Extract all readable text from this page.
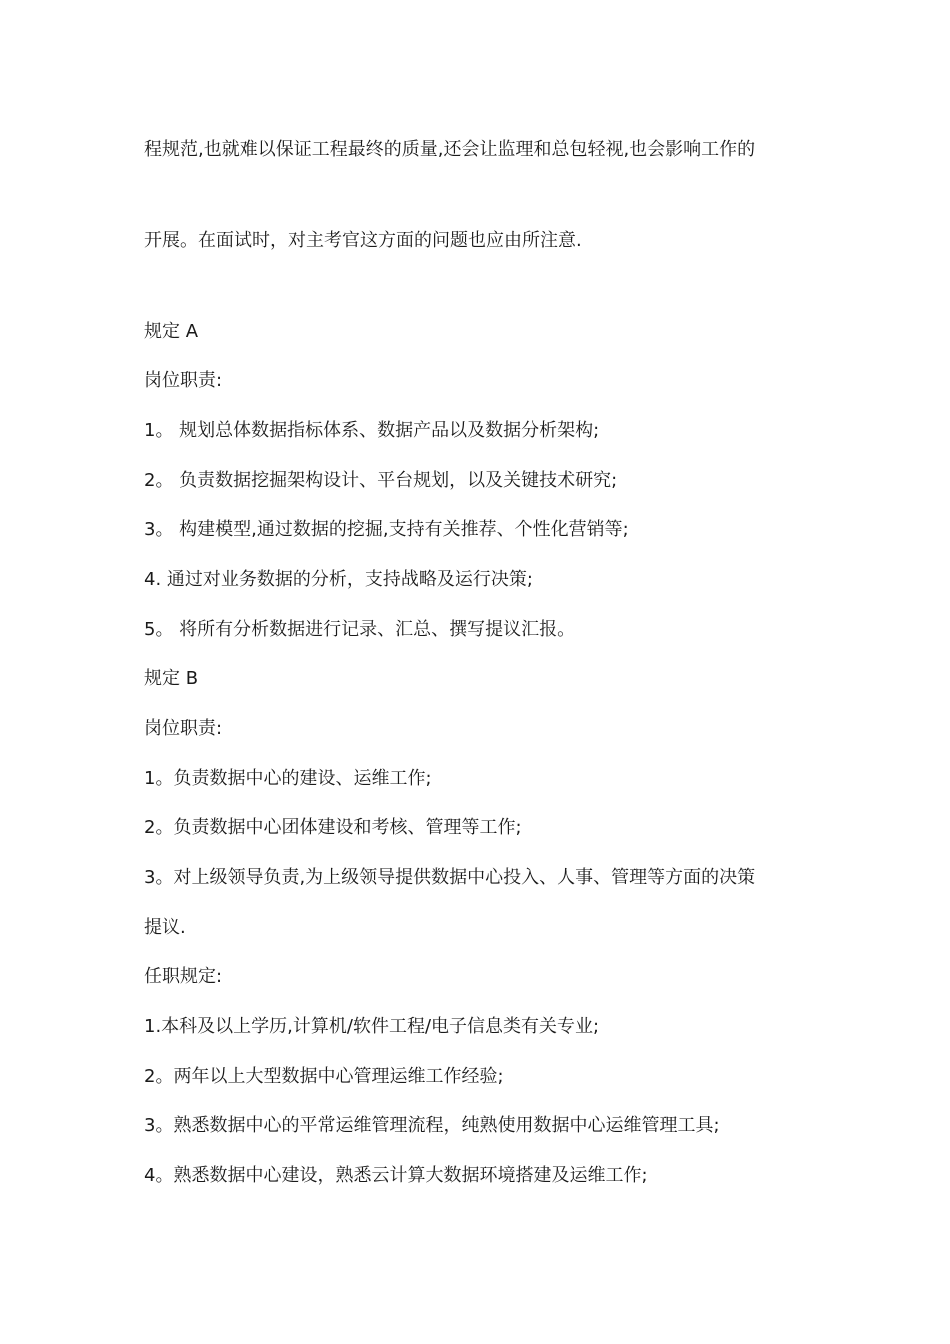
程规范,也就难以保证工程最终的质量,还会让监理和总包轻视,也会影响工作的
开展。在面试时，对主考官这方面的问题也应由所注意.
规定 A
岗位职责:
1。 规划总体数据指标体系、数据产品以及数据分析架构;
2。 负责数据挖掘架构设计、平台规划，以及关键技术研究;
3。 构建模型,通过数据的挖掘,支持有关推荐、个性化营销等;
4. 通过对业务数据的分析，支持战略及运行决策;
5。 将所有分析数据进行记录、汇总、撰写提议汇报。
规定 B
岗位职责:
1。负责数据中心的建设、运维工作;
2。负责数据中心团体建设和考核、管理等工作;
3。对上级领导负责,为上级领导提供数据中心投入、人事、管理等方面的决策
提议.
任职规定:
1.本科及以上学历,计算机/软件工程/电子信息类有关专业;
2。两年以上大型数据中心管理运维工作经验;
3。熟悉数据中心的平常运维管理流程，纯熟使用数据中心运维管理工具;
4。熟悉数据中心建设，熟悉云计算大数据环境搭建及运维工作;
